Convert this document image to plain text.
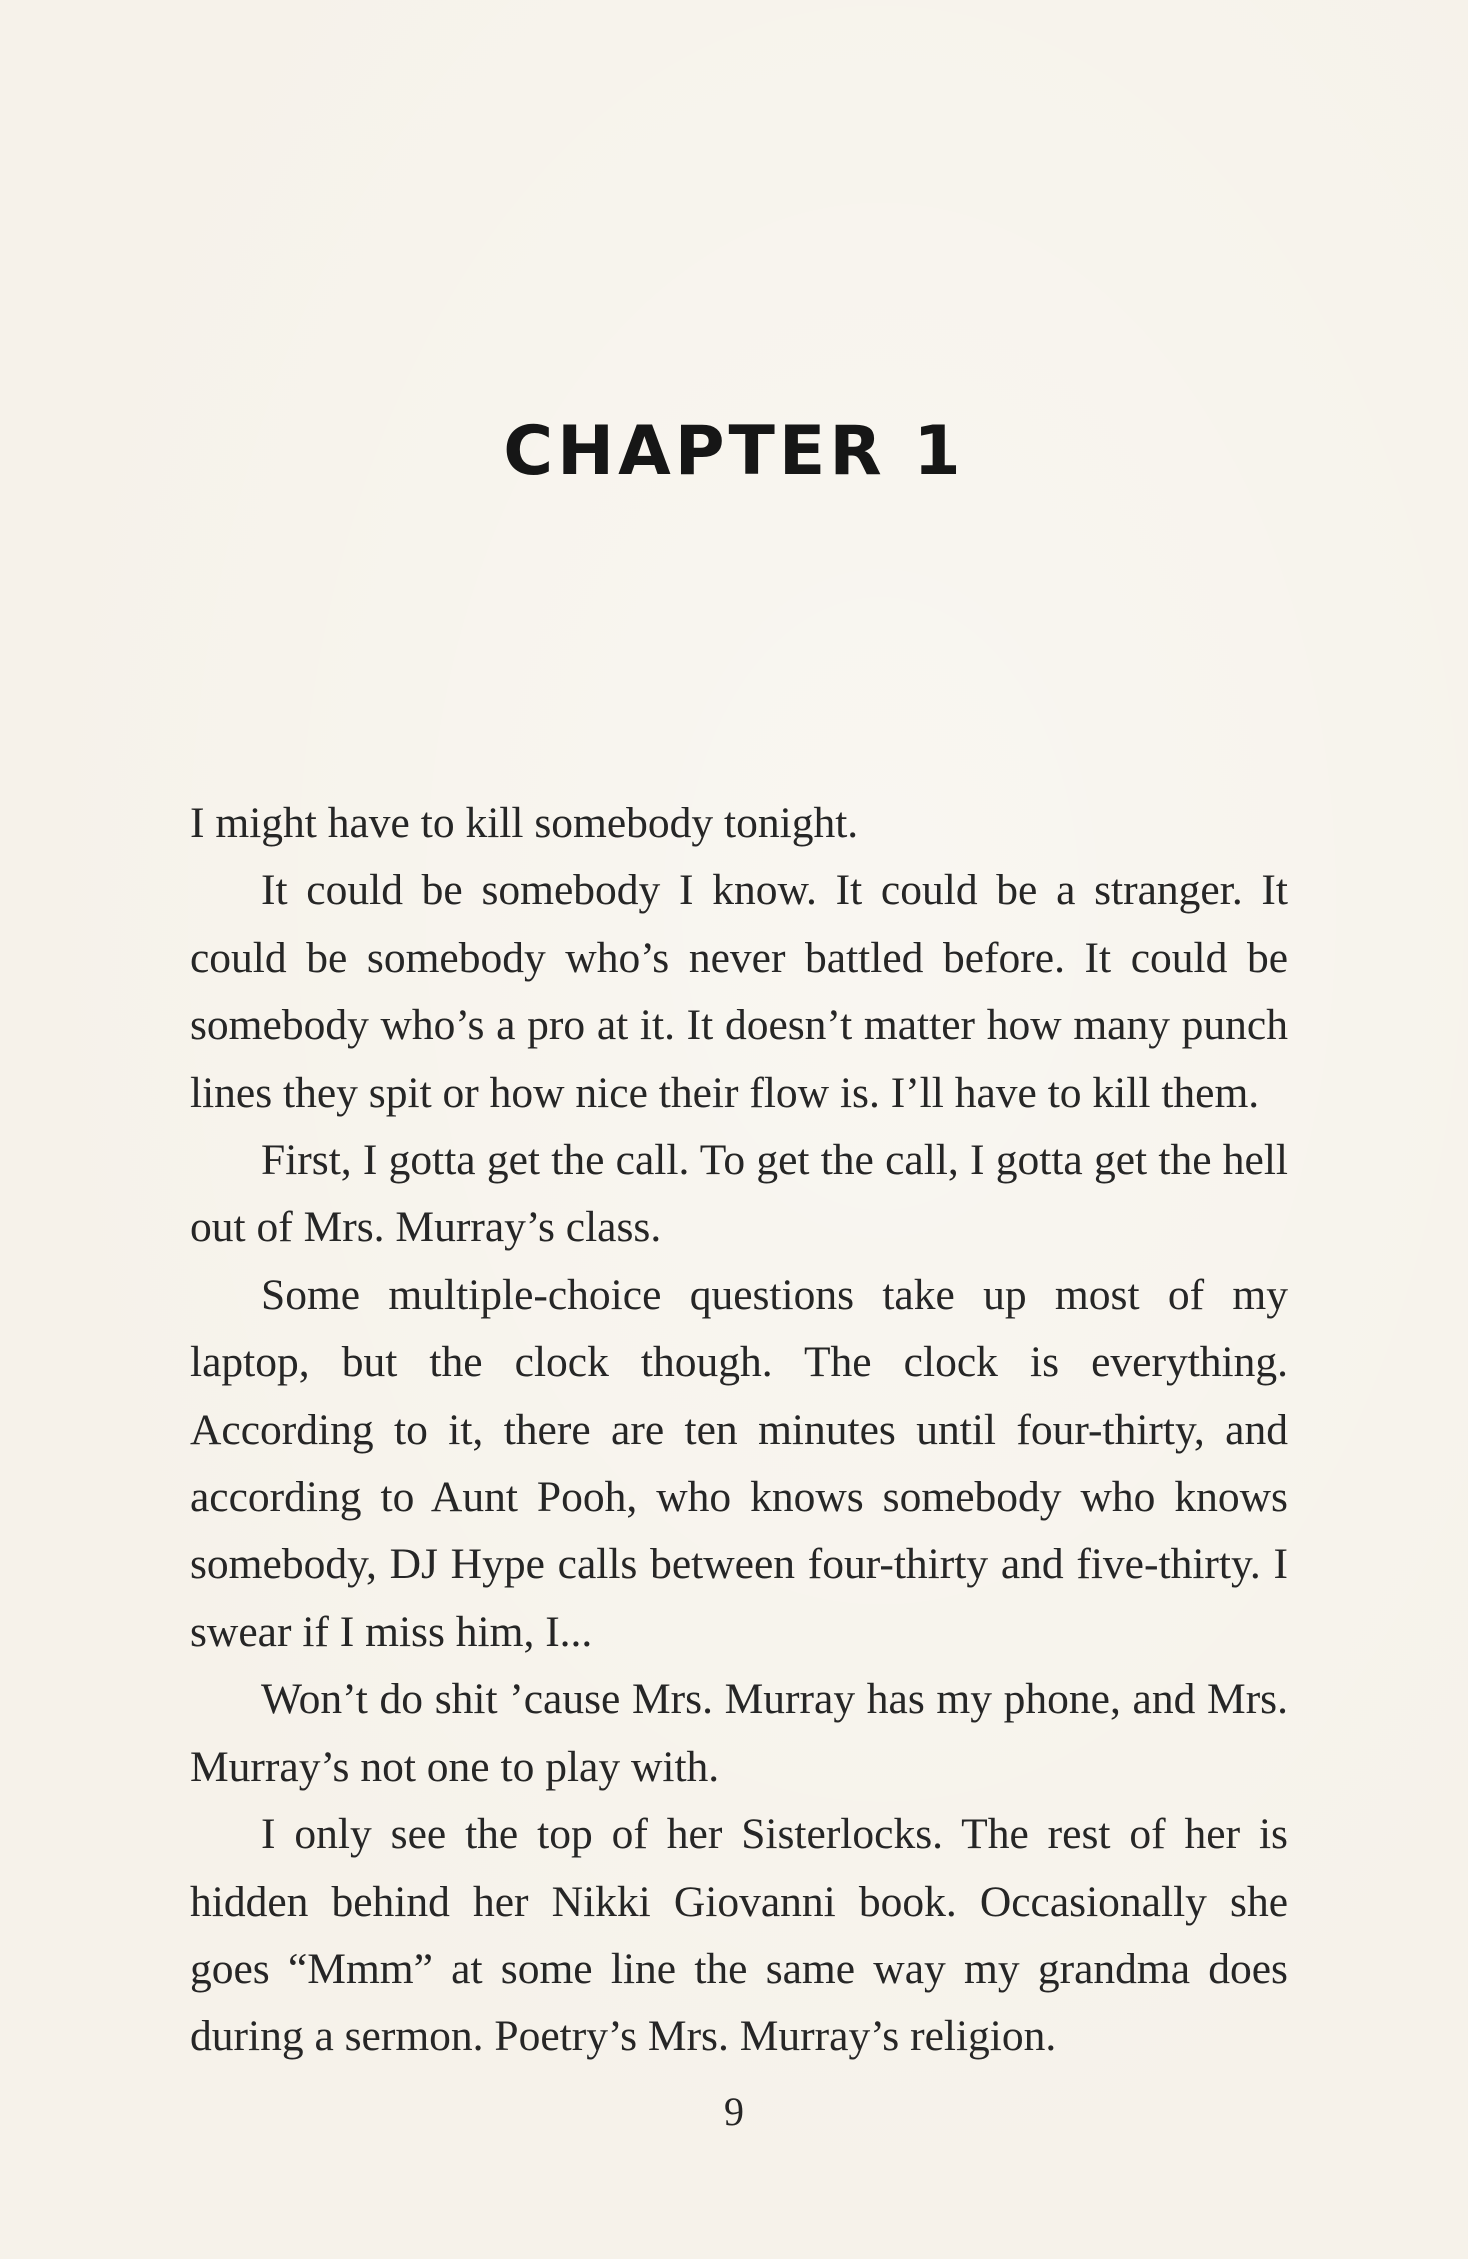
CHAPTER 1

I might have to kill somebody tonight.

It could be somebody I know. It could be a stranger. It could be somebody who’s never battled before. It could be somebody who’s a pro at it. It doesn’t matter how many punch lines they spit or how nice their flow is. I’ll have to kill them.

First, I gotta get the call. To get the call, I gotta get the hell out of Mrs. Murray’s class.

Some multiple-choice questions take up most of my laptop, but the clock though. The clock is everything. According to it, there are ten minutes until four-thirty, and according to Aunt Pooh, who knows somebody who knows somebody, DJ Hype calls between four-thirty and five-thirty. I swear if I miss him, I...

Won’t do shit ’cause Mrs. Murray has my phone, and Mrs. Murray’s not one to play with.

I only see the top of her Sisterlocks. The rest of her is hidden behind her Nikki Giovanni book. Occasionally she goes “Mmm” at some line the same way my grandma does during a sermon. Poetry’s Mrs. Murray’s religion.

9
